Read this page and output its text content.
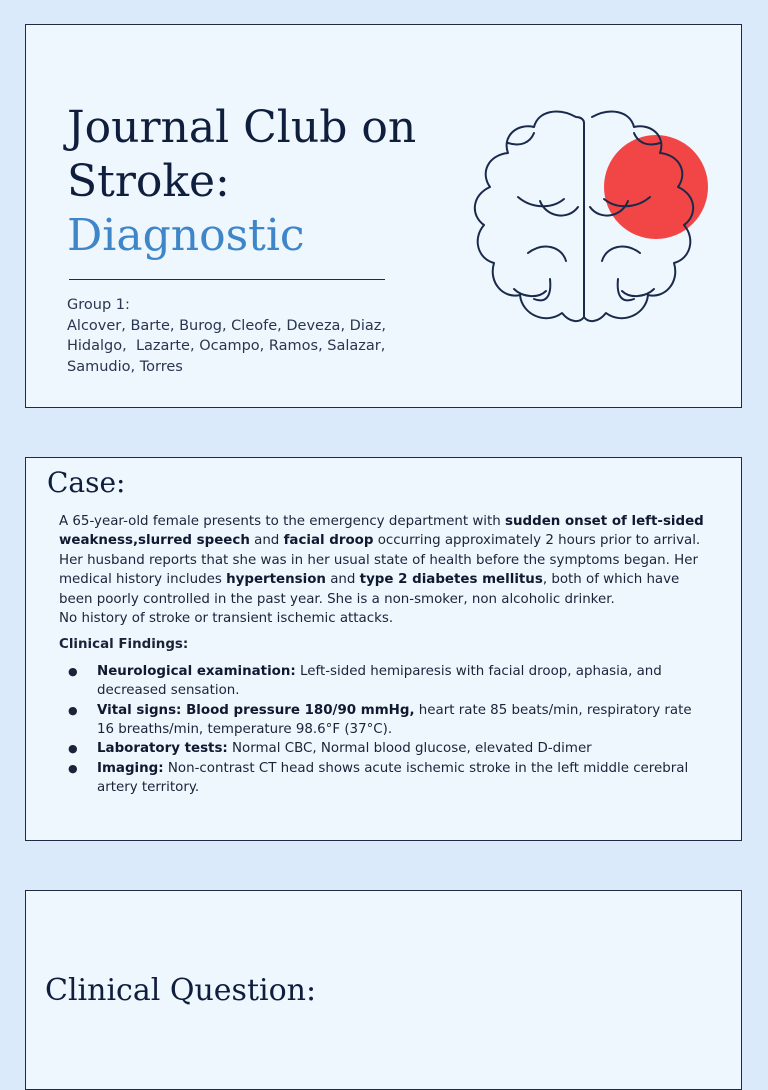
Journal Club on
Stroke:
Diagnostic
Group 1:
Alcover, Barte, Burog, Cleofe, Deveza, Diaz,
Hidalgo,  Lazarte, Ocampo, Ramos, Salazar,
Samudio, Torres
Case:

A 65-year-old female presents to the emergency department with sudden onset of left-sided weakness,slurred speech and facial droop occurring approximately 2 hours prior to arrival. Her husband reports that she was in her usual state of health before the symptoms began. Her medical history includes hypertension and type 2 diabetes mellitus, both of which have been poorly controlled in the past year. She is a non-smoker, non alcoholic drinker.
No history of stroke or transient ischemic attacks.

Clinical Findings:

● Neurological examination: Left-sided hemiparesis with facial droop, aphasia, and decreased sensation.
● Vital signs: Blood pressure 180/90 mmHg, heart rate 85 beats/min, respiratory rate 16 breaths/min, temperature 98.6°F (37°C).
● Laboratory tests: Normal CBC, Normal blood glucose, elevated D-dimer
● Imaging: Non-contrast CT head shows acute ischemic stroke in the left middle cerebral artery territory.
Clinical Question:
